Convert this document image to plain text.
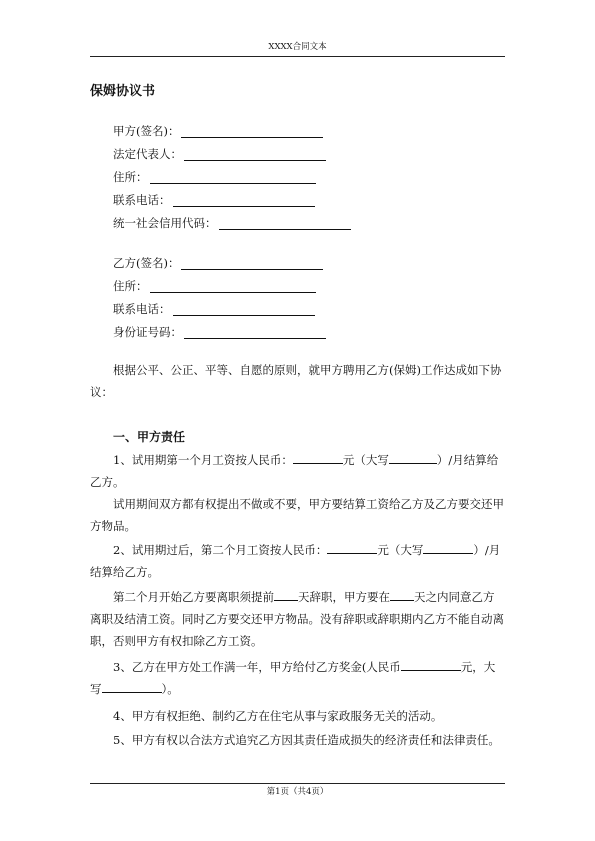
XXXX合同文本
保姆协议书
甲方(签名)：
法定代表人：
住所：
联系电话：
统一社会信用代码：
乙方(签名)：
住所：
联系电话：
身份证号码：
根据公平、公正、平等、自愿的原则，就甲方聘用乙方(保姆)工作达成如下协议：
一、甲方责任
1、试用期第一个月工资按人民币：	元（大写	）/月结算给乙方。
试用期间双方都有权提出不做或不要，甲方要结算工资给乙方及乙方要交还甲方物品。
2、试用期过后，第二个月工资按人民币：	元（大写	）/月结算给乙方。
第二个月开始乙方要离职须提前 天辞职，甲方要在 天之内同意乙方离职及结清工资。同时乙方要交还甲方物品。没有辞职或辞职期内乙方不能自动离职，否则甲方有权扣除乙方工资。
3、乙方在甲方处工作满一年，甲方给付乙方奖金(人民币	元，大写	）。
4、甲方有权拒绝、制约乙方在住宅从事与家政服务无关的活动。
5、甲方有权以合法方式追究乙方因其责任造成损失的经济责任和法律责任。
第1页（共4页）
